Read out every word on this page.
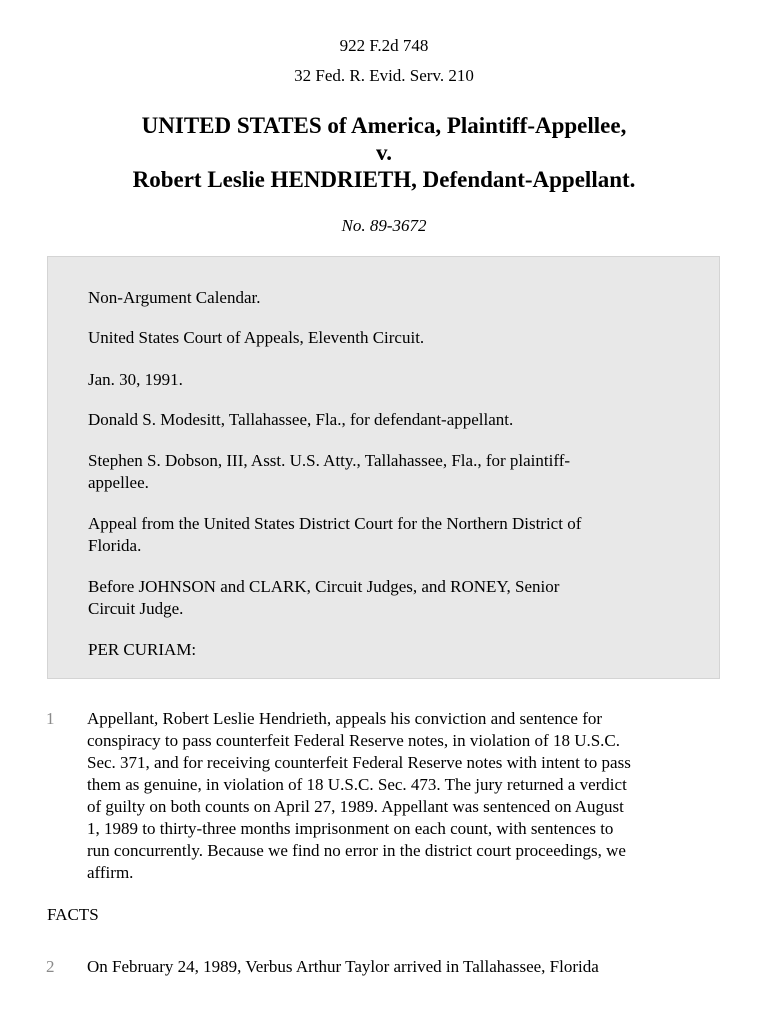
922 F.2d 748
32 Fed. R. Evid. Serv. 210
UNITED STATES of America, Plaintiff-Appellee,
v.
Robert Leslie HENDRIETH, Defendant-Appellant.
No. 89-3672
Non-Argument Calendar.
United States Court of Appeals, Eleventh Circuit.
Jan. 30, 1991.
Donald S. Modesitt, Tallahassee, Fla., for defendant-appellant.
Stephen S. Dobson, III, Asst. U.S. Atty., Tallahassee, Fla., for plaintiff-
appellee.
Appeal from the United States District Court for the Northern District of
Florida.
Before JOHNSON and CLARK, Circuit Judges, and RONEY, Senior
Circuit Judge.
PER CURIAM:
1 Appellant, Robert Leslie Hendrieth, appeals his conviction and sentence for
conspiracy to pass counterfeit Federal Reserve notes, in violation of 18 U.S.C.
Sec. 371, and for receiving counterfeit Federal Reserve notes with intent to pass
them as genuine, in violation of 18 U.S.C. Sec. 473. The jury returned a verdict
of guilty on both counts on April 27, 1989. Appellant was sentenced on August
1, 1989 to thirty-three months imprisonment on each count, with sentences to
run concurrently. Because we find no error in the district court proceedings, we
affirm.
FACTS
2 On February 24, 1989, Verbus Arthur Taylor arrived in Tallahassee, Florida
